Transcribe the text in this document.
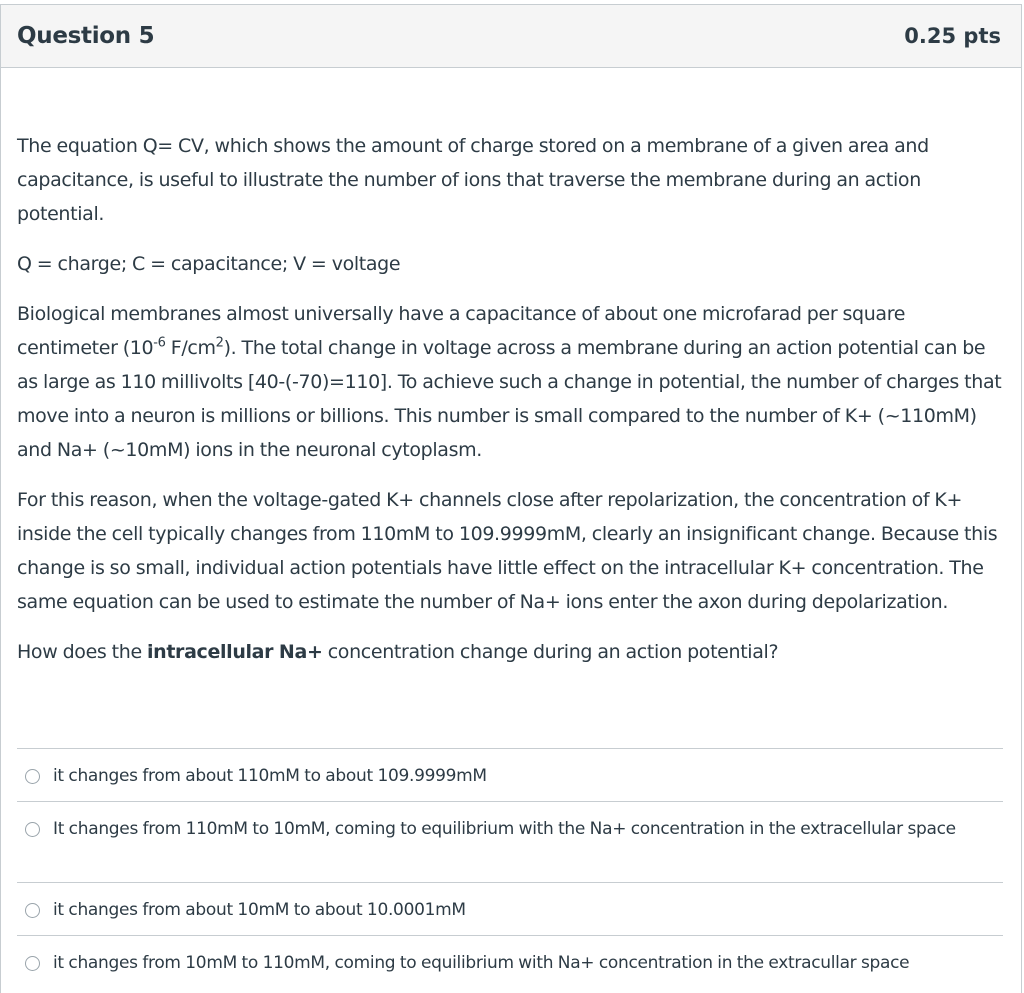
Question 5	0.25 pts

The equation Q= CV, which shows the amount of charge stored on a membrane of a given area and capacitance, is useful to illustrate the number of ions that traverse the membrane during an action potential.

Q = charge; C = capacitance; V = voltage

Biological membranes almost universally have a capacitance of about one microfarad per square centimeter ($10^{-6}$ $F/cm^2$). The total change in voltage across a membrane during an action potential can be as large as 110 millivolts [40-(-70)=110]. To achieve such a change in potential, the number of charges that move into a neuron is millions or billions. This number is small compared to the number of K+ (~110mM) and Na+ (~10mM) ions in the neuronal cytoplasm.

For this reason, when the voltage-gated K+ channels close after repolarization, the concentration of K+ inside the cell typically changes from 110mM to 109.9999mM, clearly an insignificant change. Because this change is so small, individual action potentials have little effect on the intracellular K+ concentration. The same equation can be used to estimate the number of Na+ ions enter the axon during depolarization.

How does the intracellular Na+ concentration change during an action potential?

it changes from about 110mM to about 109.9999mM
It changes from 110mM to 10mM, coming to equilibrium with the Na+ concentration in the extracellular space
it changes from about 10mM to about 10.0001mM
it changes from 10mM to 110mM, coming to equilibrium with Na+ concentration in the extracullar space
